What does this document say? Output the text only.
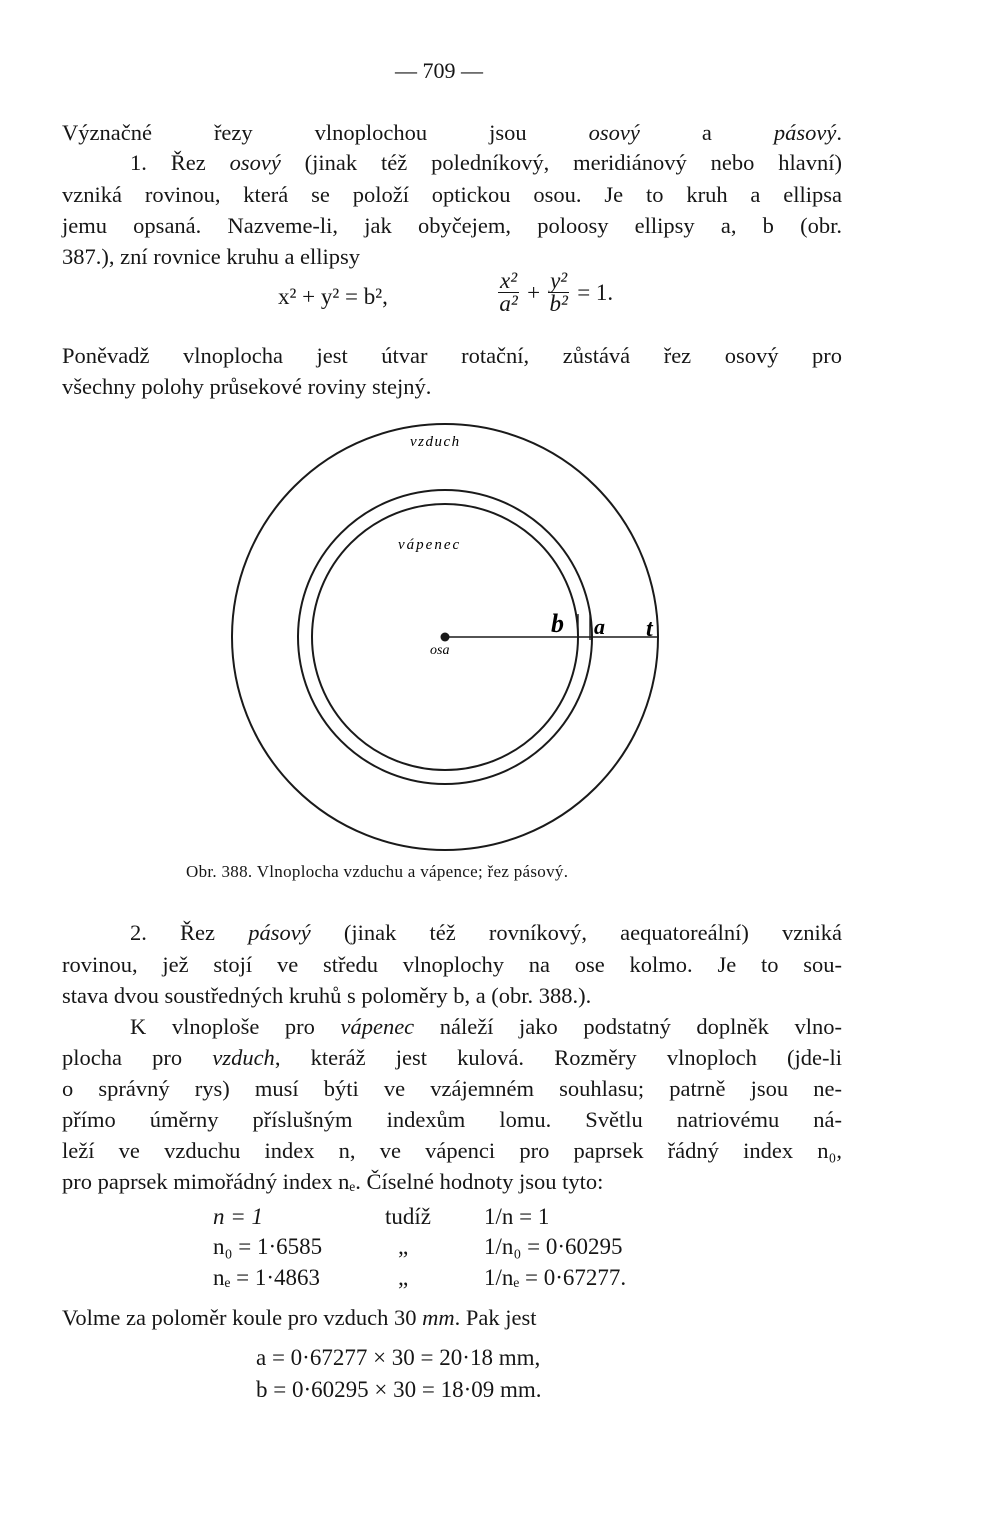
— 709 —
Význačné řezy vlnoplochou jsou osový a pásový.
1. Řez osový (jinak též poledníkový, meridiánový nebo hlavní)
vzniká rovinou, která se položí optickou osou. Je to kruh a ellipsa
jemu opsaná. Nazveme-li, jak obyčejem, poloosy ellipsy a, b (obr.
387.), zní rovnice kruhu a ellipsy
x² + y² = b²,	$\frac{\text{x²}}{\text{a²}} + \frac{\text{y²}}{\text{b²}} = 1$.
Poněvadž vlnoplocha jest útvar rotační, zůstává řez osový pro
všechny polohy průsekové roviny stejný.
vzduch
vápenec
osa
b a t
Obr. 388. Vlnoplocha vzduchu a vápence; řez pásový.
2. Řez pásový (jinak též rovníkový, aequatoreální) vzniká
rovinou, jež stojí ve středu vlnoplochy na ose kolmo. Je to sou-
stava dvou soustředných kruhů s poloměry b, a (obr. 388.).
K vlnoploše pro vápenec náleží jako podstatný doplněk vlno-
plocha pro vzduch, kteráž jest kulová. Rozměry vlnoploch (jde-li
o správný rys) musí býti ve vzájemném souhlasu; patrně jsou ne-
přímo úměrny příslušným indexům lomu. Světlu natriovému ná-
leží ve vzduchu index n, ve vápenci pro paprsek řádný index n₀,
pro paprsek mimořádný index nₑ. Číselné hodnoty jsou tyto:
n = 1	tudíž 1/n = 1
n₀ = 1·6585	„	1/n₀ = 0·60295
nₑ = 1·4863	„	1/nₑ = 0·67277.
Volme za poloměr koule pro vzduch 30 mm. Pak jest
a = 0·67277 × 30 = 20·18 mm,
b = 0·60295 × 30 = 18·09 mm.
